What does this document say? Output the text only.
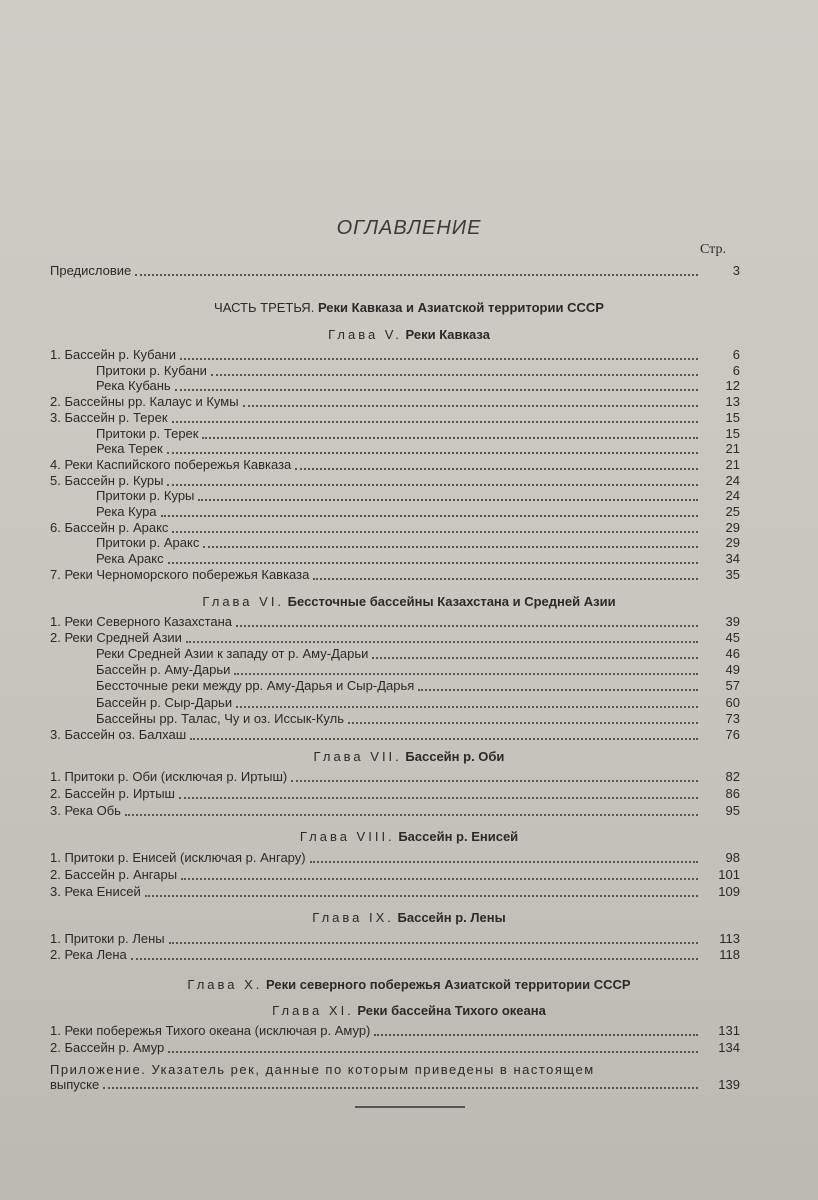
ОГЛАВЛЕНИЕ
Стр.
Предисловие	3
ЧАСТЬ ТРЕТЬЯ. Реки Кавказа и Азиатской территории СССР
Глава V. Реки Кавказа
1. Бассейн р. Кубани	6
Притоки р. Кубани	6
Река Кубань	12
2. Бассейны рр. Калаус и Кумы	13
3. Бассейн р. Терек	15
Притоки р. Терек	15
Река Терек	21
4. Реки Каспийского побережья Кавказа	21
5. Бассейн р. Куры	24
Притоки р. Куры	24
Река Кура	25
6. Бассейн р. Аракс	29
Притоки р. Аракс	29
Река Аракс	34
7. Реки Черноморского побережья Кавказа	35
Глава VI. Бессточные бассейны Казахстана и Средней Азии
1. Реки Северного Казахстана	39
2. Реки Средней Азии	45
Реки Средней Азии к западу от р. Аму-Дарьи	46
Бассейн р. Аму-Дарьи	49
Бессточные реки между рр. Аму-Дарья и Сыр-Дарья	57
Бассейн р. Сыр-Дарьи	60
Бассейны рр. Талас, Чу и оз. Иссык-Куль	73
3. Бассейн оз. Балхаш	76
Глава VII. Бассейн р. Оби
1. Притоки р. Оби (исключая р. Иртыш)	82
2. Бассейн р. Иртыш	86
3. Река Обь	95
Глава VIII. Бассейн р. Енисей
1. Притоки р. Енисей (исключая р. Ангару)	98
2. Бассейн р. Ангары	101
3. Река Енисей	109
Глава IX. Бассейн р. Лены
1. Притоки р. Лены	113
2. Река Лена	118
Глава X. Реки северного побережья Азиатской территории СССР
Глава XI. Реки бассейна Тихого океана
1. Реки побережья Тихого океана (исключая р. Амур)	131
2. Бассейн р. Амур	134
Приложение. Указатель рек, данные по которым приведены в настоящем
выпуске	139
